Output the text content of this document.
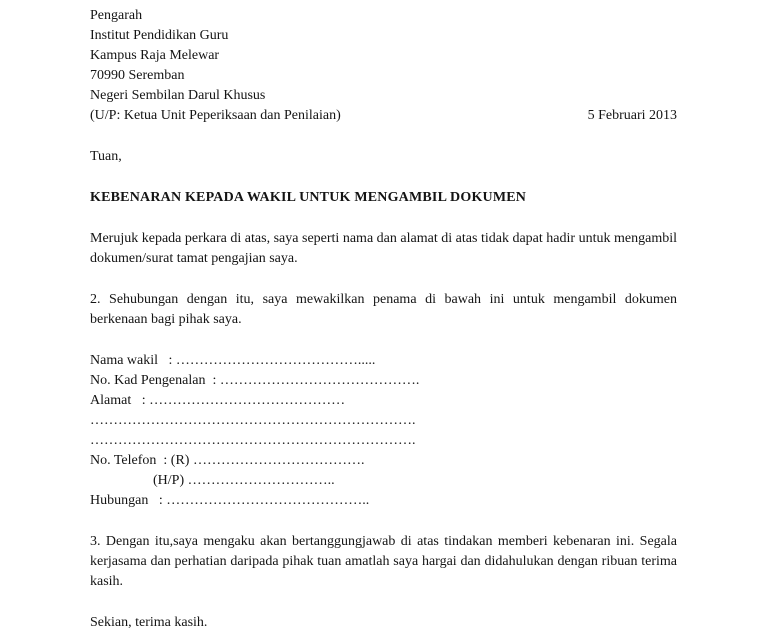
Pengarah
Institut Pendidikan Guru
Kampus Raja Melewar
70990 Seremban
Negeri Sembilan Darul Khusus
(U/P: Ketua Unit Peperiksaan dan Penilaian)	5 Februari 2013
Tuan,
KEBENARAN KEPADA WAKIL UNTUK MENGAMBIL DOKUMEN
Merujuk kepada perkara di atas, saya seperti nama dan alamat di atas tidak dapat hadir untuk mengambil dokumen/surat tamat pengajian saya.
2. Sehubungan dengan itu, saya mewakilkan penama di bawah ini untuk mengambil dokumen berkenaan bagi pihak saya.
Nama wakil   : ………………………………….....
No. Kad Pengenalan  : …………………………………….
Alamat   : ……………………………………
…………………………………………………………….
…………………………………………………………….
No. Telefon  : (R) ……………………………….
(H/P) …………………………..
Hubungan   : ……………………………………..
3. Dengan itu,saya mengaku akan bertanggungjawab di atas tindakan memberi kebenaran ini. Segala kerjasama dan perhatian daripada pihak tuan amatlah saya hargai dan didahulukan dengan ribuan terima kasih.
Sekian, terima kasih.
